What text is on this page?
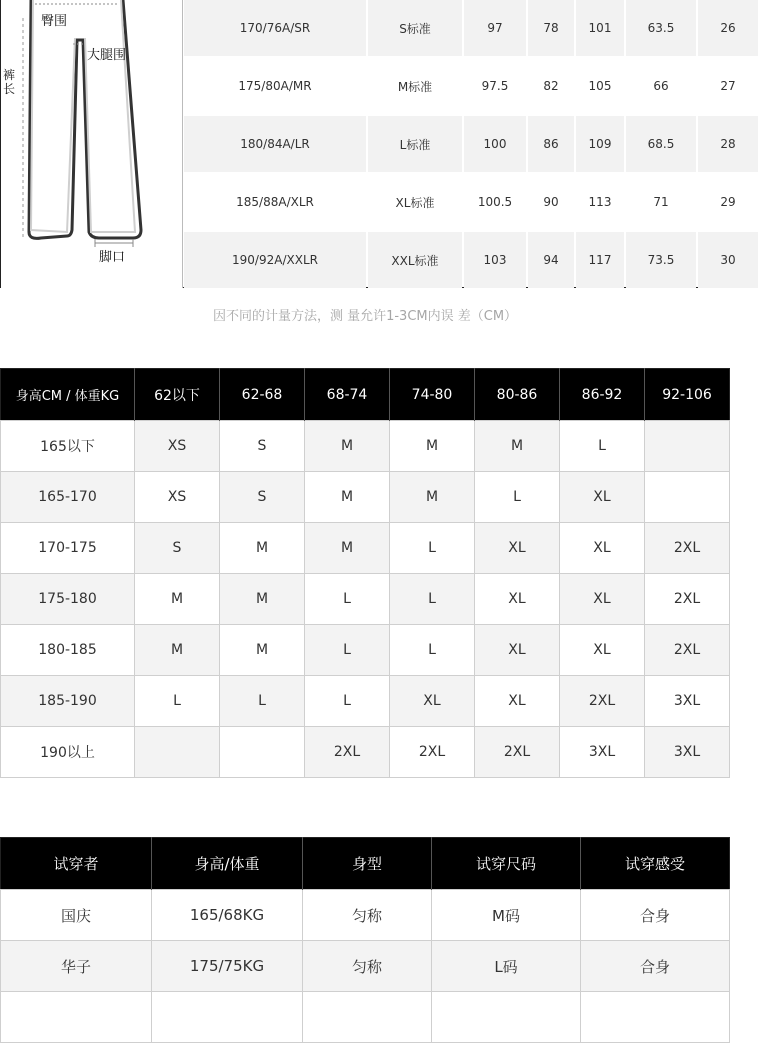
臀围
大腿围
裤长
脚口
170/76A/SR	S标准	97	78	101	63.5	26
175/80A/MR	M标准	97.5	82	105	66	27
180/84A/LR	L标准	100	86	109	68.5	28
185/88A/XLR	XL标准	100.5	90	113	71	29
190/92A/XXLR	XXL标准	103	94	117	73.5	30
因不同的计量方法，测 量允许1-3CM内误 差（CM）
身高CM / 体重KG	62以下	62-68	68-74	74-80	80-86	86-92	92-106
165以下	XS	S	M	M	M	L	
165-170	XS	S	M	M	L	XL	
170-175	S	M	M	L	XL	XL	2XL
175-180	M	M	L	L	XL	XL	2XL
180-185	M	M	L	L	XL	XL	2XL
185-190	L	L	L	XL	XL	2XL	3XL
190以上			2XL	2XL	2XL	3XL	3XL
试穿者	身高/体重	身型	试穿尺码	试穿感受
国庆	165/68KG	匀称	M码	合身
华子	175/75KG	匀称	L码	合身
